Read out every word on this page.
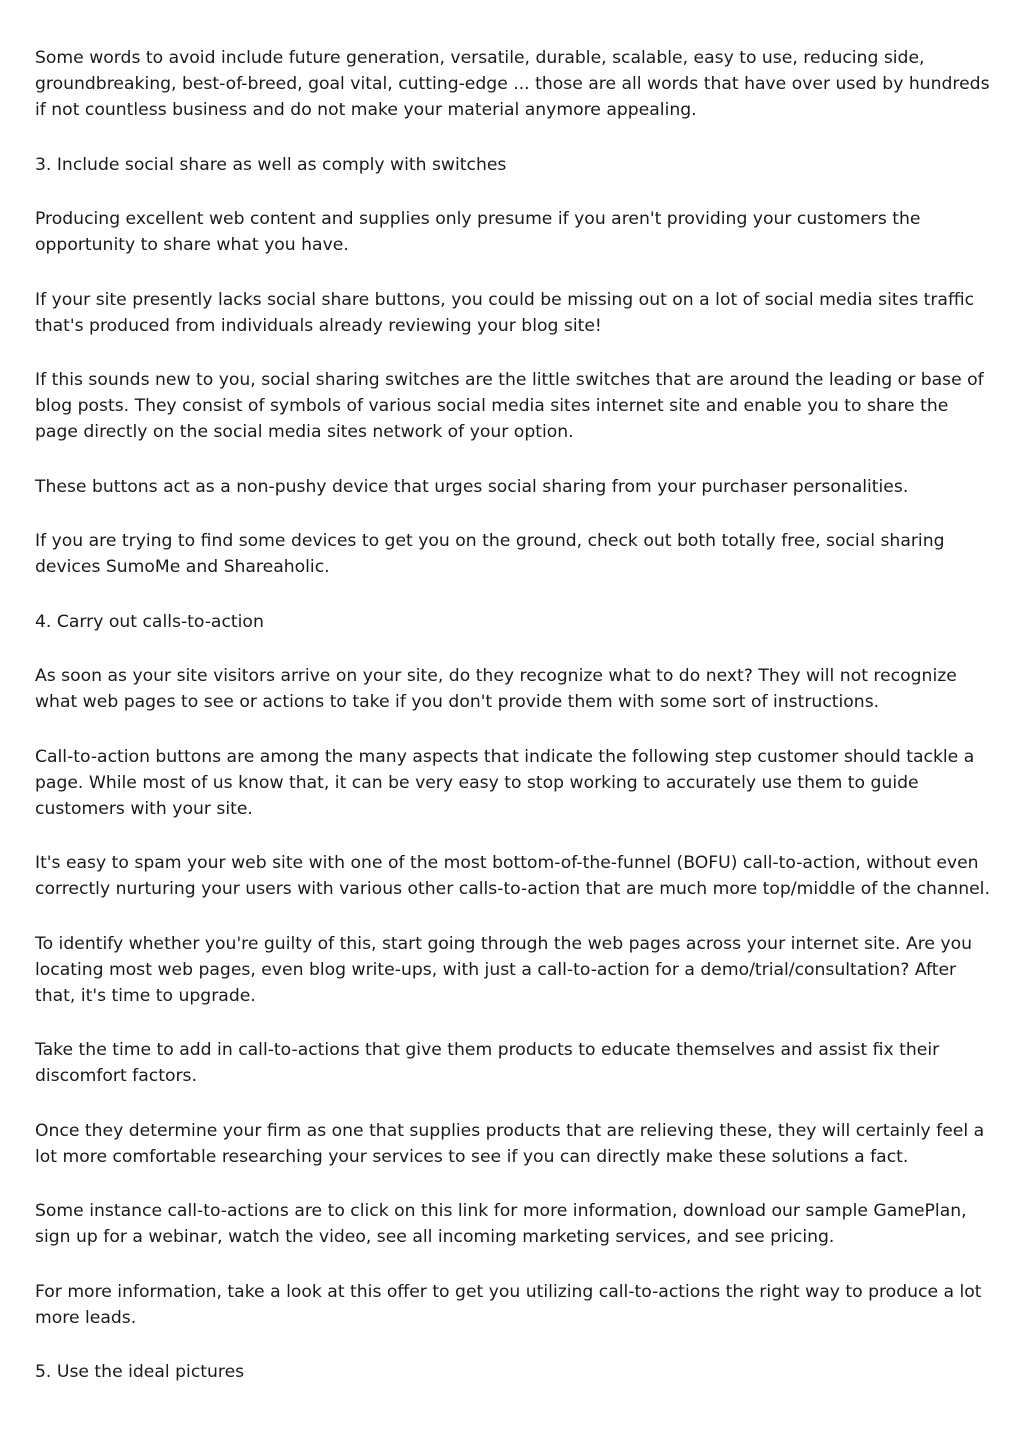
Some words to avoid include future generation, versatile, durable, scalable, easy to use, reducing side, groundbreaking, best-of-breed, goal vital, cutting-edge ... those are all words that have over used by hundreds if not countless business and do not make your material anymore appealing.

3. Include social share as well as comply with switches

Producing excellent web content and supplies only presume if you aren't providing your customers the opportunity to share what you have.

If your site presently lacks social share buttons, you could be missing out on a lot of social media sites traffic that's produced from individuals already reviewing your blog site!

If this sounds new to you, social sharing switches are the little switches that are around the leading or base of blog posts. They consist of symbols of various social media sites internet site and enable you to share the page directly on the social media sites network of your option.

These buttons act as a non-pushy device that urges social sharing from your purchaser personalities.

If you are trying to find some devices to get you on the ground, check out both totally free, social sharing devices SumoMe and Shareaholic.

4. Carry out calls-to-action

As soon as your site visitors arrive on your site, do they recognize what to do next? They will not recognize what web pages to see or actions to take if you don't provide them with some sort of instructions.

Call-to-action buttons are among the many aspects that indicate the following step customer should tackle a page. While most of us know that, it can be very easy to stop working to accurately use them to guide customers with your site.

It's easy to spam your web site with one of the most bottom-of-the-funnel (BOFU) call-to-action, without even correctly nurturing your users with various other calls-to-action that are much more top/middle of the channel.

To identify whether you're guilty of this, start going through the web pages across your internet site. Are you locating most web pages, even blog write-ups, with just a call-to-action for a demo/trial/consultation? After that, it's time to upgrade.

Take the time to add in call-to-actions that give them products to educate themselves and assist fix their discomfort factors.

Once they determine your firm as one that supplies products that are relieving these, they will certainly feel a lot more comfortable researching your services to see if you can directly make these solutions a fact.

Some instance call-to-actions are to click on this link for more information, download our sample GamePlan, sign up for a webinar, watch the video, see all incoming marketing services, and see pricing.

For more information, take a look at this offer to get you utilizing call-to-actions the right way to produce a lot more leads.

5. Use the ideal pictures
